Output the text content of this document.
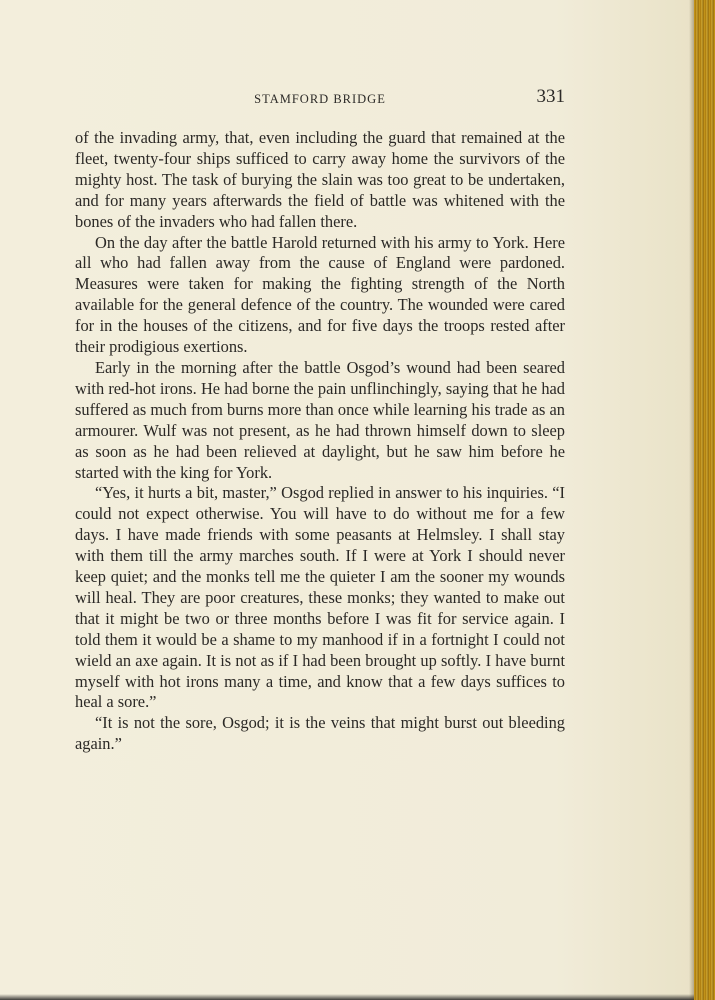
STAMFORD BRIDGE	331

of the invading army, that, even including the guard that remained at the fleet, twenty-four ships sufficed to carry away home the survivors of the mighty host. The task of burying the slain was too great to be undertaken, and for many years afterwards the field of battle was whitened with the bones of the invaders who had fallen there.

On the day after the battle Harold returned with his army to York. Here all who had fallen away from the cause of England were pardoned. Measures were taken for making the fighting strength of the North available for the general defence of the country. The wounded were cared for in the houses of the citizens, and for five days the troops rested after their prodigious exertions.

Early in the morning after the battle Osgod’s wound had been seared with red-hot irons. He had borne the pain unflinchingly, saying that he had suffered as much from burns more than once while learning his trade as an armourer. Wulf was not present, as he had thrown himself down to sleep as soon as he had been relieved at daylight, but he saw him before he started with the king for York.

“Yes, it hurts a bit, master,” Osgod replied in answer to his inquiries. “I could not expect otherwise. You will have to do without me for a few days. I have made friends with some peasants at Helmsley. I shall stay with them till the army marches south. If I were at York I should never keep quiet; and the monks tell me the quieter I am the sooner my wounds will heal. They are poor creatures, these monks; they wanted to make out that it might be two or three months before I was fit for service again. I told them it would be a shame to my manhood if in a fortnight I could not wield an axe again. It is not as if I had been brought up softly. I have burnt myself with hot irons many a time, and know that a few days suffices to heal a sore.”

“It is not the sore, Osgod; it is the veins that might burst out bleeding again.”
